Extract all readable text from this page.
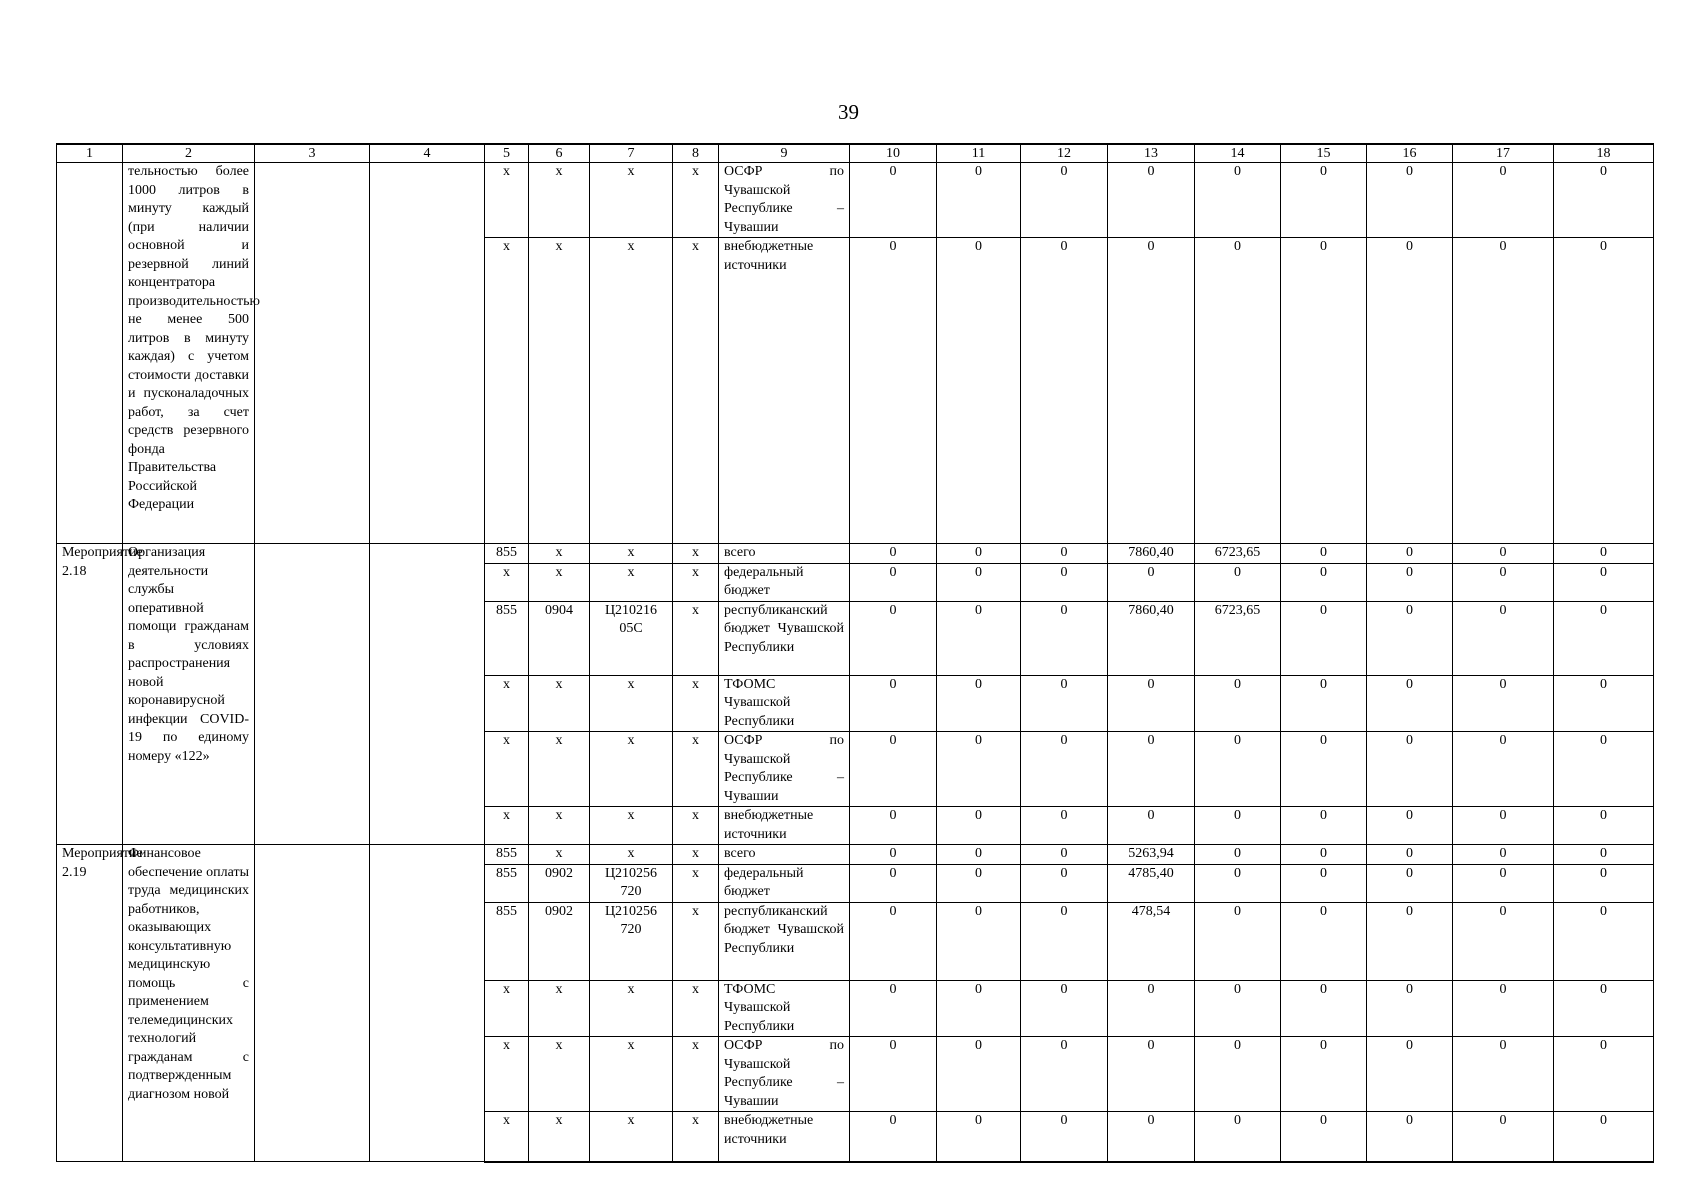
39
1	2	3	4	5	6	7	8	9	10	11	12	13	14	15	16	17	18
	тельностью более 1000 литров в минуту каждый (при наличии основной и резервной линий концентратора производительностью не менее 500 литров в минуту каждая) с учетом стоимости доставки и пусконаладочных работ, за счет средств резервного фонда Правительства Российской Федерации			x	x	x	x	ОСФР по Чувашской Республике – Чувашии	0	0	0	0	0	0	0	0	0
				x	x	x	x	внебюджетные источники	0	0	0	0	0	0	0	0	0
Мероприятие 2.18	Организация деятельности службы оперативной помощи гражданам в условиях распространения новой коронавирусной инфекции COVID-19 по единому номеру «122»			855	x	x	x	всего	0	0	0	7860,40	6723,65	0	0	0	0
				x	x	x	x	федеральный бюджет	0	0	0	0	0	0	0	0	0
				855	0904	Ц210216 05С	x	республиканский бюджет Чувашской Республики	0	0	0	7860,40	6723,65	0	0	0	0
				x	x	x	x	ТФОМС Чувашской Республики	0	0	0	0	0	0	0	0	0
				x	x	x	x	ОСФР по Чувашской Республике – Чувашии	0	0	0	0	0	0	0	0	0
				x	x	x	x	внебюджетные источники	0	0	0	0	0	0	0	0	0
Мероприятие 2.19	Финансовое обеспечение оплаты труда медицинских работников, оказывающих консультативную медицинскую помощь с применением телемедицинских технологий гражданам с подтвержденным диагнозом новой			855	x	x	x	всего	0	0	0	5263,94	0	0	0	0	0
				855	0902	Ц210256 720	x	федеральный бюджет	0	0	0	4785,40	0	0	0	0	0
				855	0902	Ц210256 720	x	республиканский бюджет Чувашской Республики	0	0	0	478,54	0	0	0	0	0
				x	x	x	x	ТФОМС Чувашской Республики	0	0	0	0	0	0	0	0	0
				x	x	x	x	ОСФР по Чувашской Республике – Чувашии	0	0	0	0	0	0	0	0	0
				x	x	x	x	внебюджетные источники	0	0	0	0	0	0	0	0	0
